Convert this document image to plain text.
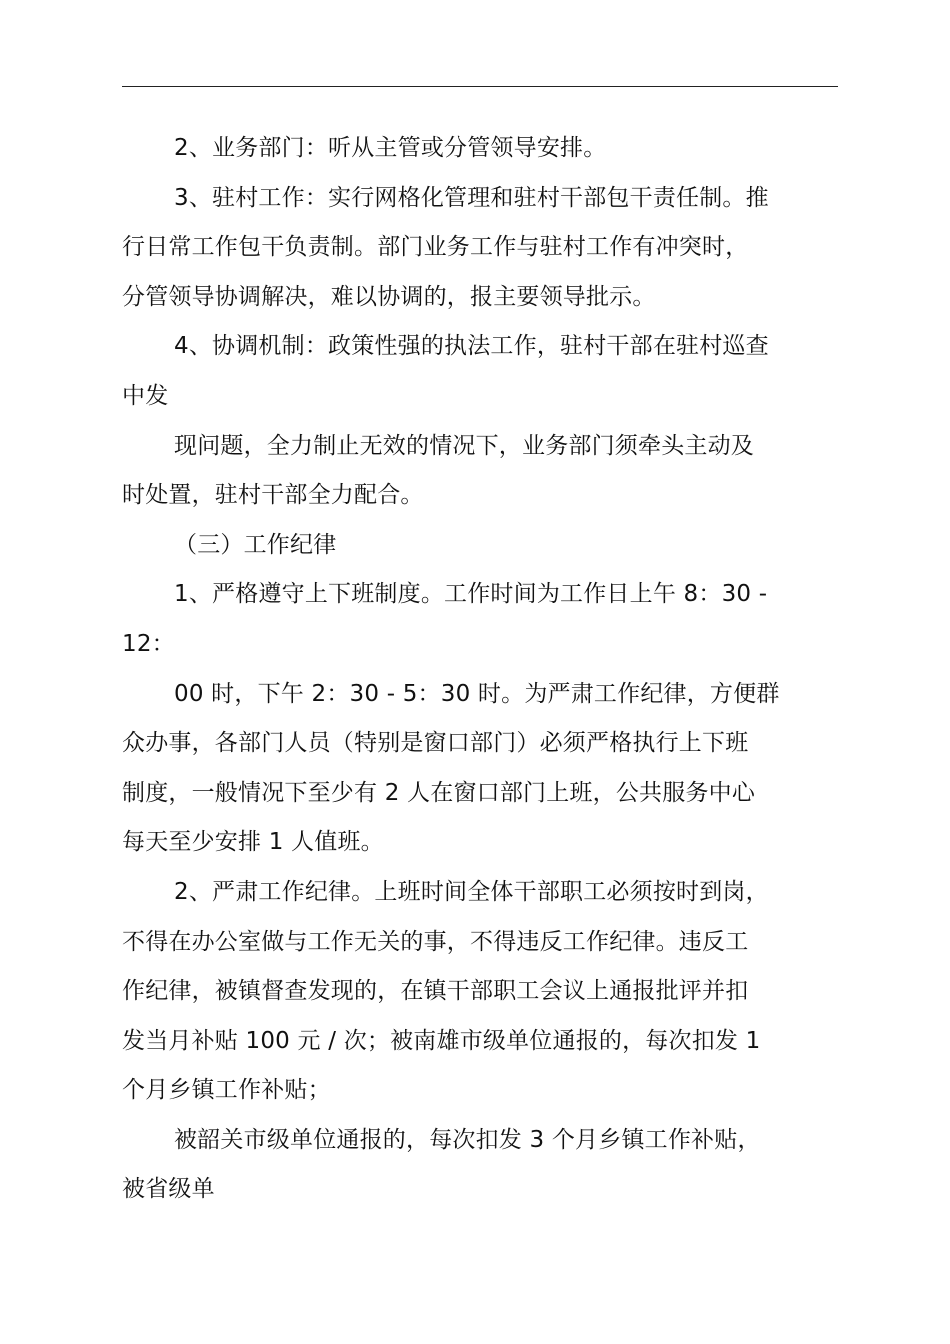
2、业务部门：听从主管或分管领导安排。
3、驻村工作：实行网格化管理和驻村干部包干责任制。推
行日常工作包干负责制。部门业务工作与驻村工作有冲突时，
分管领导协调解决，难以协调的，报主要领导批示。
4、协调机制：政策性强的执法工作，驻村干部在驻村巡查
中发
现问题，全力制止无效的情况下，业务部门须牵头主动及
时处置，驻村干部全力配合。
（三）工作纪律
1、严格遵守上下班制度。工作时间为工作日上午 8：30 -
12：
00 时，下午 2：30 - 5：30 时。为严肃工作纪律，方便群
众办事，各部门人员（特别是窗口部门）必须严格执行上下班
制度，一般情况下至少有 2 人在窗口部门上班，公共服务中心
每天至少安排 1 人值班。
2、严肃工作纪律。上班时间全体干部职工必须按时到岗，
不得在办公室做与工作无关的事，不得违反工作纪律。违反工
作纪律，被镇督查发现的，在镇干部职工会议上通报批评并扣
发当月补贴 100 元 / 次；被南雄市级单位通报的，每次扣发 1
个月乡镇工作补贴；
被韶关市级单位通报的，每次扣发 3 个月乡镇工作补贴，
被省级单
